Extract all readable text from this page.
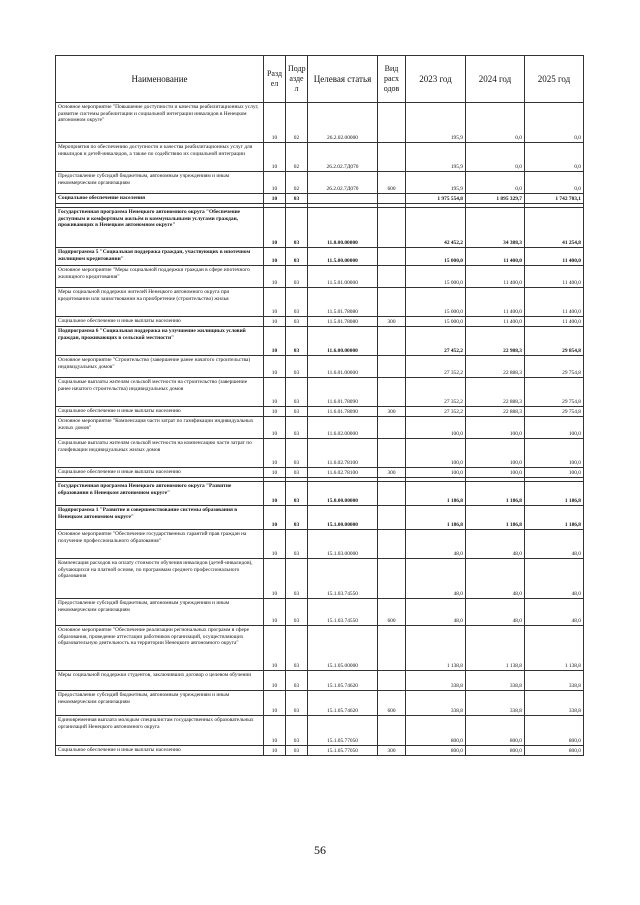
Наименование	Разд ел	Подр азде л	Целевая статья	Вид расх одов	2023 год	2024 год	2025 год
Основное мероприятие "Повышение доступности и качества реабилитационных услуг, развитие системы реабилитации и социальной интеграции инвалидов в Ненецком автономном округе"	10	02	26.2.02.00000		195,9	0,0	0,0
Мероприятия по обеспечению доступности и качества реабилитационных услуг для инвалидов и детей-инвалидов, а также по содействию их социальной интеграции	10	02	26.2.02.7Д070		195,9	0,0	0,0
Предоставление субсидий бюджетным, автономным учреждениям и иным некоммерческим организациям	10	02	26.2.02.7Д070	600	195,9	0,0	0,0
Социальное обеспечение населения	10	03			1 975 554,8	1 895 329,7	1 742 703,1

Государственная программа Ненецкого автономного округа "Обеспечение доступным и комфортным жильём и коммунальными услугами граждан, проживающих в Ненецком автономном округе"	10	03	11.0.00.00000		42 452,2	34 388,3	41 254,8
Подпрограмма 5 "Социальная поддержка граждан, участвующих в ипотечном жилищном кредитовании"	10	03	11.5.00.00000		15 000,0	11 400,0	11 400,0
Основное мероприятие "Меры социальной поддержки граждан в сфере ипотечного жилищного кредитования"	10	03	11.5.01.00000		15 000,0	11 400,0	11 400,0
Меры социальной поддержки жителей Ненецкого автономного округа при кредитовании или заимствовании на приобретение (строительство) жилья	10	03	11.5.01.78080		15 000,0	11 400,0	11 400,0
Социальное обеспечение и иные выплаты населению	10	03	11.5.01.78080	300	15 000,0	11 400,0	11 400,0
Подпрограмма 6 "Социальная поддержка на улучшение жилищных условий граждан, проживающих в сельской местности"	10	03	11.6.00.00000		27 452,2	22 988,3	29 854,8
Основное мероприятие "Строительство (завершение ранее начатого строительства) индивидуальных домов"	10	03	11.6.01.00000		27 352,2	22 888,3	29 754,8
Социальные выплаты жителям сельской местности на строительство (завершение ранее начатого строительства) индивидуальных домов	10	03	11.6.01.78090		27 352,2	22 888,3	29 754,8
Социальное обеспечение и иные выплаты населению	10	03	11.6.01.78090	300	27 352,2	22 888,3	29 754,8
Основное мероприятие "Компенсация части затрат по газификации индивидуальных жилых домов"	10	03	11.6.02.00000		100,0	100,0	100,0
Социальные выплаты жителям сельской местности на компенсацию части затрат по газификации индивидуальных жилых домов	10	03	11.6.02.78100		100,0	100,0	100,0
Социальное обеспечение и иные выплаты населению	10	03	11.6.02.78100	300	100,0	100,0	100,0

Государственная программа Ненецкого автономного округа "Развитие образования в Ненецком автономном округе"	10	03	15.0.00.00000		1 186,8	1 186,8	1 186,8
Подпрограмма 1 "Развитие и совершенствование системы образования в Ненецком автономном округе"	10	03	15.1.00.00000		1 186,8	1 186,8	1 186,8
Основное мероприятие "Обеспечение государственных гарантий прав граждан на получение профессионального образования"	10	03	15.1.03.00000		48,0	48,0	48,0
Компенсация расходов на оплату стоимости обучения инвалидов (детей-инвалидов), обучающихся на платной основе, по программам среднего профессионального образования	10	03	15.1.03.74550		48,0	48,0	48,0
Предоставление субсидий бюджетным, автономным учреждениям и иным некоммерческим организациям	10	03	15.1.03.74550	600	48,0	48,0	48,0
Основное мероприятие "Обеспечение реализации региональных программ в сфере образования, проведение аттестации работников организаций, осуществляющих образовательную деятельность на территории Ненецкого автономного округа"	10	03	15.1.05.00000		1 138,8	1 138,8	1 138,8
Меры социальной поддержки студентов, заключивших договор о целевом обучении	10	03	15.1.05.74620		338,8	338,8	338,8
Предоставление субсидий бюджетным, автономным учреждениям и иным некоммерческим организациям	10	03	15.1.05.74620	600	338,8	338,8	338,8
Единовременная выплата молодым специалистам государственных образовательных организаций Ненецкого автономного округа	10	03	15.1.05.77050		800,0	800,0	800,0
Социальное обеспечение и иные выплаты населению	10	03	15.1.05.77050	300	800,0	800,0	800,0
56
